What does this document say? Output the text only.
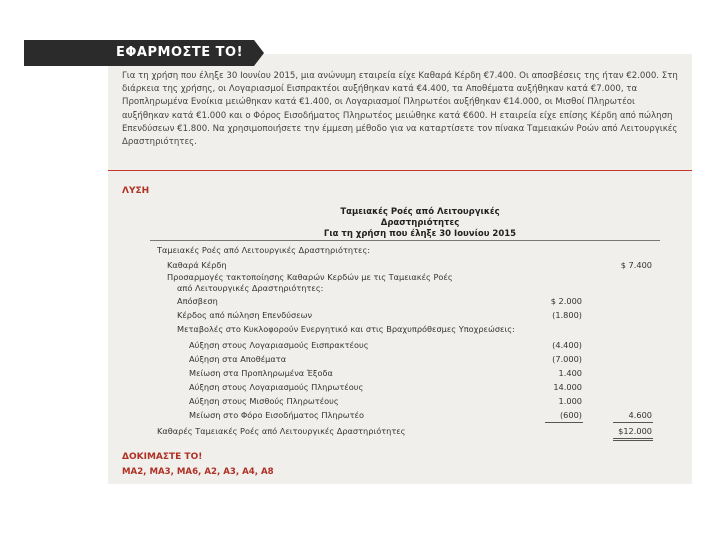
ΕΦΑΡΜΟΣΤΕ ΤΟ!
Για τη χρήση που έληξε 30 Ιουνίου 2015, μια ανώνυμη εταιρεία είχε Καθαρά Κέρδη €7.400. Οι αποσβέσεις της ήταν €2.000. Στη διάρκεια της χρήσης, οι Λογαριασμοί Εισπρακτέοι αυξήθηκαν κατά €4.400, τα Αποθέματα αυξήθηκαν κατά €7.000, τα Προπληρωμένα Ενοίκια μειώθηκαν κατά €1.400, οι Λογαριασμοί Πληρωτέοι αυξήθηκαν €14.000, οι Μισθοί Πληρωτέοι αυξήθηκαν κατά €1.000 και ο Φόρος Εισοδήματος Πληρωτέος μειώθηκε κατά €600. Η εταιρεία είχε επίσης Κέρδη από πώληση Επενδύσεων €1.800. Να χρησιμοποιήσετε την έμμεση μέθοδο για να καταρτίσετε τον πίνακα Ταμειακών Ροών από Λειτουργικές Δραστηριότητες.
ΛΥΣΗ
Ταμειακές Ροές από Λειτουργικές
Δραστηριότητες
Για τη χρήση που έληξε 30 Ιουνίου 2015
Ταμειακές Ροές από Λειτουργικές Δραστηριότητες:
Καθαρά Κέρδη	$ 7.400
Προσαρμογές τακτοποίησης Καθαρών Κερδών με τις Ταμειακές Ροές
από Λειτουργικές Δραστηριότητες:
Απόσβεση	$ 2.000
Κέρδος από πώληση Επενδύσεων	(1.800)
Μεταβολές στο Κυκλοφορούν Ενεργητικό και στις Βραχυπρόθεσμες Υποχρεώσεις:
Αύξηση στους Λογαριασμούς Εισπρακτέους	(4.400)
Αύξηση στα Αποθέματα	(7.000)
Μείωση στα Προπληρωμένα Έξοδα	1.400
Αύξηση στους Λογαριασμούς Πληρωτέους	14.000
Αύξηση στους Μισθούς Πληρωτέους	1.000
Μείωση στο Φόρο Εισοδήματος Πληρωτέο	(600)	4.600
Καθαρές Ταμειακές Ροές από Λειτουργικές Δραστηριότητες	$12.000
ΔΟΚΙΜΑΣΤΕ ΤΟ!
ΜΑ2, ΜΑ3, ΜΑ6, Α2, Α3, Α4, Α8
